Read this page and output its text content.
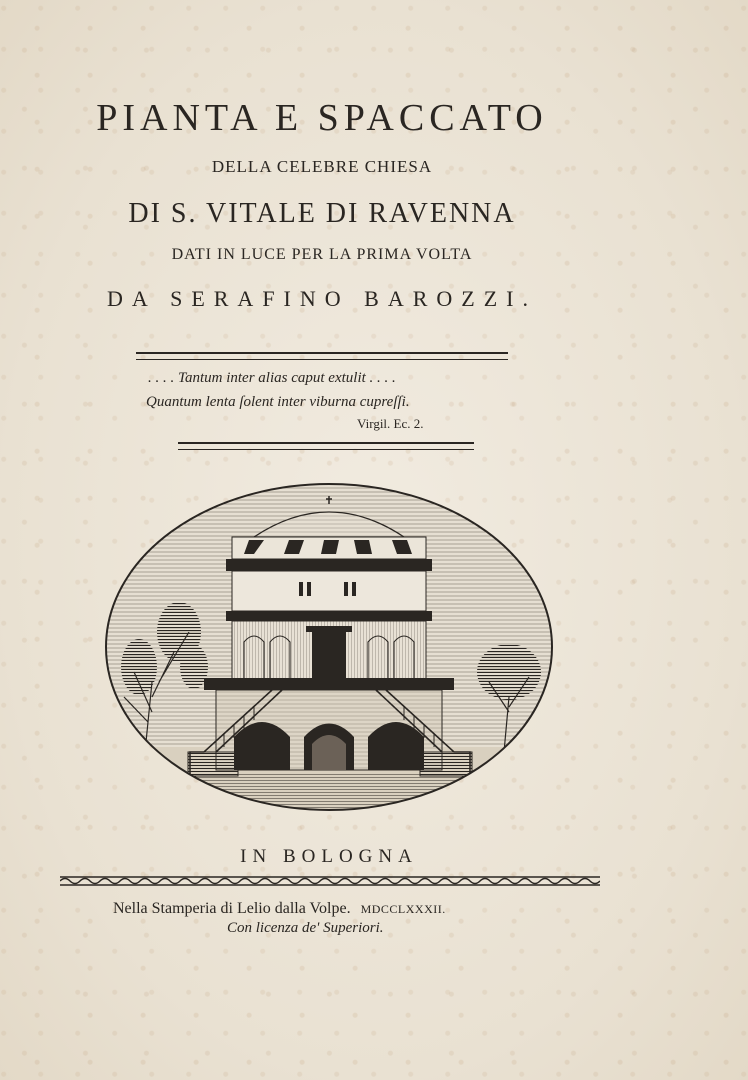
PIANTA E SPACCATO
DELLA CELEBRE CHIESA
DI S. VITALE DI RAVENNA
DATI IN LUCE PER LA PRIMA VOLTA
DA SERAFINO BAROZZI.
. . . . Tantum inter alias caput extulit . . . .
Quantum lenta ſolent inter viburna cupreſſi.
Virgil. Ec. 2.
IN BOLOGNA
Nella Stamperia di Lelio dalla Volpe. MDCCLXXXII.
Con licenza de' Superiori.
